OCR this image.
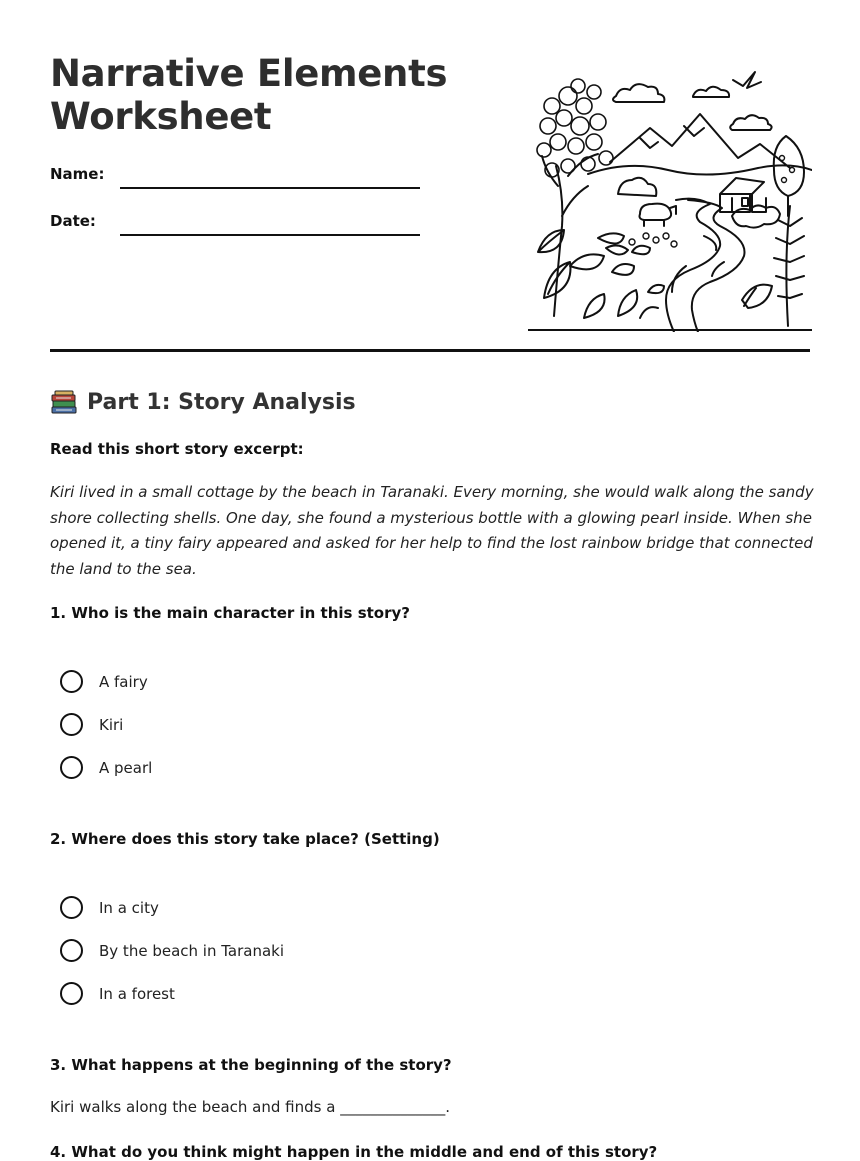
Narrative Elements
Worksheet
Name:
Date:
Part 1: Story Analysis
Read this short story excerpt:

Kiri lived in a small cottage by the beach in Taranaki. Every morning, she would walk along the sandy shore collecting shells. One day, she found a mysterious bottle with a glowing pearl inside. When she opened it, a tiny fairy appeared and asked for her help to find the lost rainbow bridge that connected the land to the sea.

1. Who is the main character in this story?
A fairy
Kiri
A pearl
2. Where does this story take place? (Setting)
In a city
By the beach in Taranaki
In a forest
3. What happens at the beginning of the story?
Kiri walks along the beach and finds a ______________.
4. What do you think might happen in the middle and end of this story?
